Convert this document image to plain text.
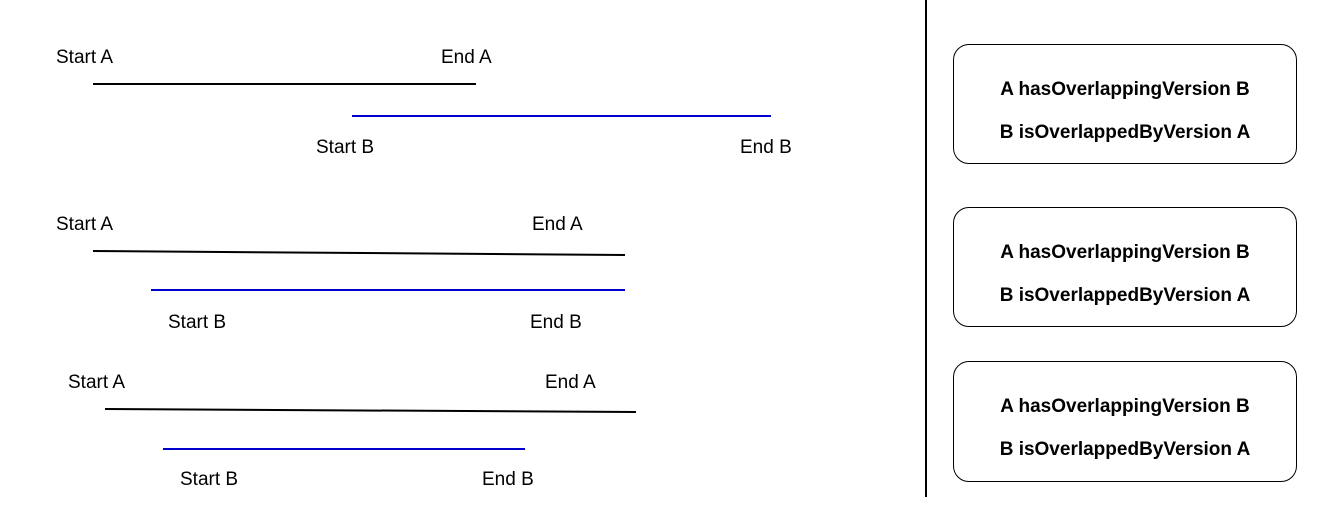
Start A	End A
Start B	End B
Start A	End A
Start B	End B
Start A	End A
Start B	End B
A hasOverlappingVersion B
B isOverlappedByVersion A
A hasOverlappingVersion B
B isOverlappedByVersion A
A hasOverlappingVersion B
B isOverlappedByVersion A
